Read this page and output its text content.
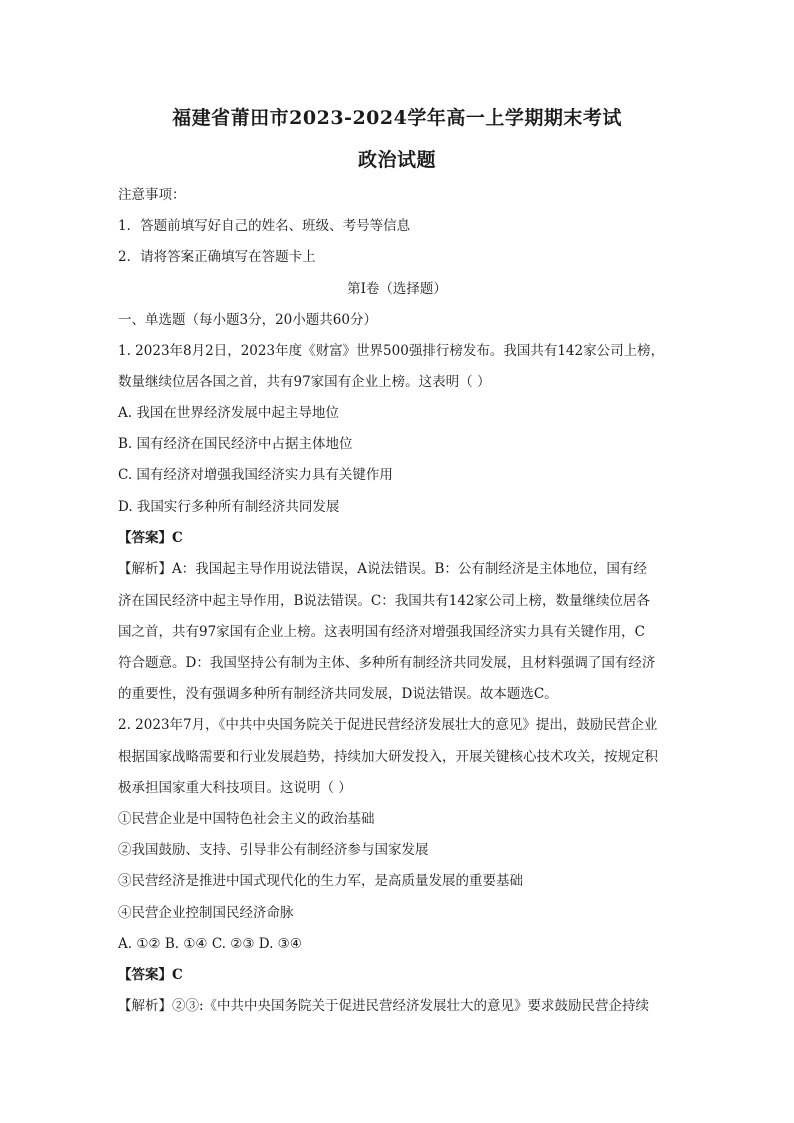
福建省莆田市2023-2024学年高一上学期期末考试
政治试题
注意事项：
1．答题前填写好自己的姓名、班级、考号等信息
2．请将答案正确填写在答题卡上
第I卷（选择题）
一、单选题（每小题3分，20小题共60分）
1. 2023年8月2日，2023年度《财富》世界500强排行榜发布。我国共有142家公司上榜，
数量继续位居各国之首，共有97家国有企业上榜。这表明（ ）
A. 我国在世界经济发展中起主导地位
B. 国有经济在国民经济中占据主体地位
C. 国有经济对增强我国经济实力具有关键作用
D. 我国实行多种所有制经济共同发展
【答案】C
【解析】A：我国起主导作用说法错误，A说法错误。B：公有制经济是主体地位，国有经
济在国民经济中起主导作用，B说法错误。C：我国共有142家公司上榜，数量继续位居各
国之首，共有97家国有企业上榜。这表明国有经济对增强我国经济实力具有关键作用，C
符合题意。D：我国坚持公有制为主体、多种所有制经济共同发展，且材料强调了国有经济
的重要性，没有强调多种所有制经济共同发展，D说法错误。故本题选C。
2. 2023年7月，《中共中央国务院关于促进民营经济发展壮大的意见》提出，鼓励民营企业
根据国家战略需要和行业发展趋势，持续加大研发投入，开展关键核心技术攻关，按规定积
极承担国家重大科技项目。这说明（ ）
①民营企业是中国特色社会主义的政治基础
②我国鼓励、支持、引导非公有制经济参与国家发展
③民营经济是推进中国式现代化的生力军，是高质量发展的重要基础
④民营企业控制国民经济命脉
A. ①② B. ①④ C. ②③ D. ③④
【答案】C
【解析】②③:《中共中央国务院关于促进民营经济发展壮大的意见》要求鼓励民营企持续
